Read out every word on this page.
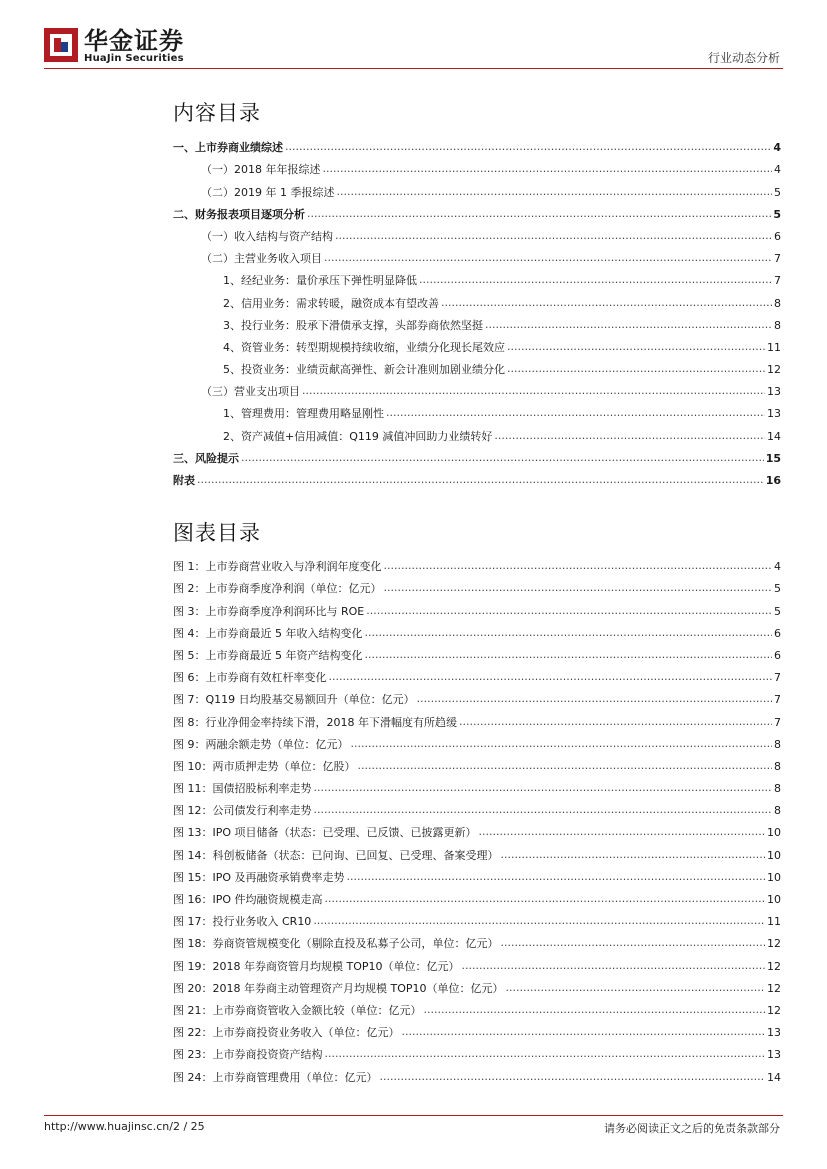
华金证券
HuaJin Securities	行业动态分析
内容目录
一、上市券商业绩综述 .....	4
（一）2018 年年报综述 .....	4
（二）2019 年 1 季报综述 .....	5
二、财务报表项目逐项分析 .....	5
（一）收入结构与资产结构 .....	6
（二）主营业务收入项目 .....	7
1、经纪业务：量价承压下弹性明显降低 .....	7
2、信用业务：需求转暖，融资成本有望改善 .....	8
3、投行业务：股承下滑债承支撑，头部券商依然坚挺 .....	8
4、资管业务：转型期规模持续收缩，业绩分化现长尾效应 .....	11
5、投资业务：业绩贡献高弹性、新会计准则加剧业绩分化 .....	12
（三）营业支出项目 .....	13
1、管理费用：管理费用略显刚性 .....	13
2、资产减值+信用减值：Q119 减值冲回助力业绩转好 .....	14
三、风险提示 .....	15
附表 .....	16
图表目录
图 1：上市券商营业收入与净利润年度变化 .....	4
图 2：上市券商季度净利润（单位：亿元） .....	5
图 3：上市券商季度净利润环比与 ROE .....	5
图 4：上市券商最近 5 年收入结构变化 .....	6
图 5：上市券商最近 5 年资产结构变化 .....	6
图 6：上市券商有效杠杆率变化 .....	7
图 7：Q119 日均股基交易额回升（单位：亿元） .....	7
图 8：行业净佣金率持续下滑，2018 年下滑幅度有所趋缓 .....	7
图 9：两融余额走势（单位：亿元） .....	8
图 10：两市质押走势（单位：亿股） .....	8
图 11：国债招股标利率走势 .....	8
图 12：公司债发行利率走势 .....	8
图 13：IPO 项目储备（状态：已受理、已反馈、已披露更新） .....	10
图 14：科创板储备（状态：已问询、已回复、已受理、备案受理） .....	10
图 15：IPO 及再融资承销费率走势 .....	10
图 16：IPO 件均融资规模走高 .....	10
图 17：投行业务收入 CR10 .....	11
图 18：券商资管规模变化（剔除直投及私募子公司，单位：亿元） .....	12
图 19：2018 年券商资管月均规模 TOP10（单位：亿元） .....	12
图 20：2018 年券商主动管理资产月均规模 TOP10（单位：亿元） .....	12
图 21：上市券商资管收入金额比较（单位：亿元） .....	12
图 22：上市券商投资业务收入（单位：亿元） .....	13
图 23：上市券商投资资产结构 .....	13
图 24：上市券商管理费用（单位：亿元） .....	14
http://www.huajinsc.cn/2 / 25	请务必阅读正文之后的免责条款部分
